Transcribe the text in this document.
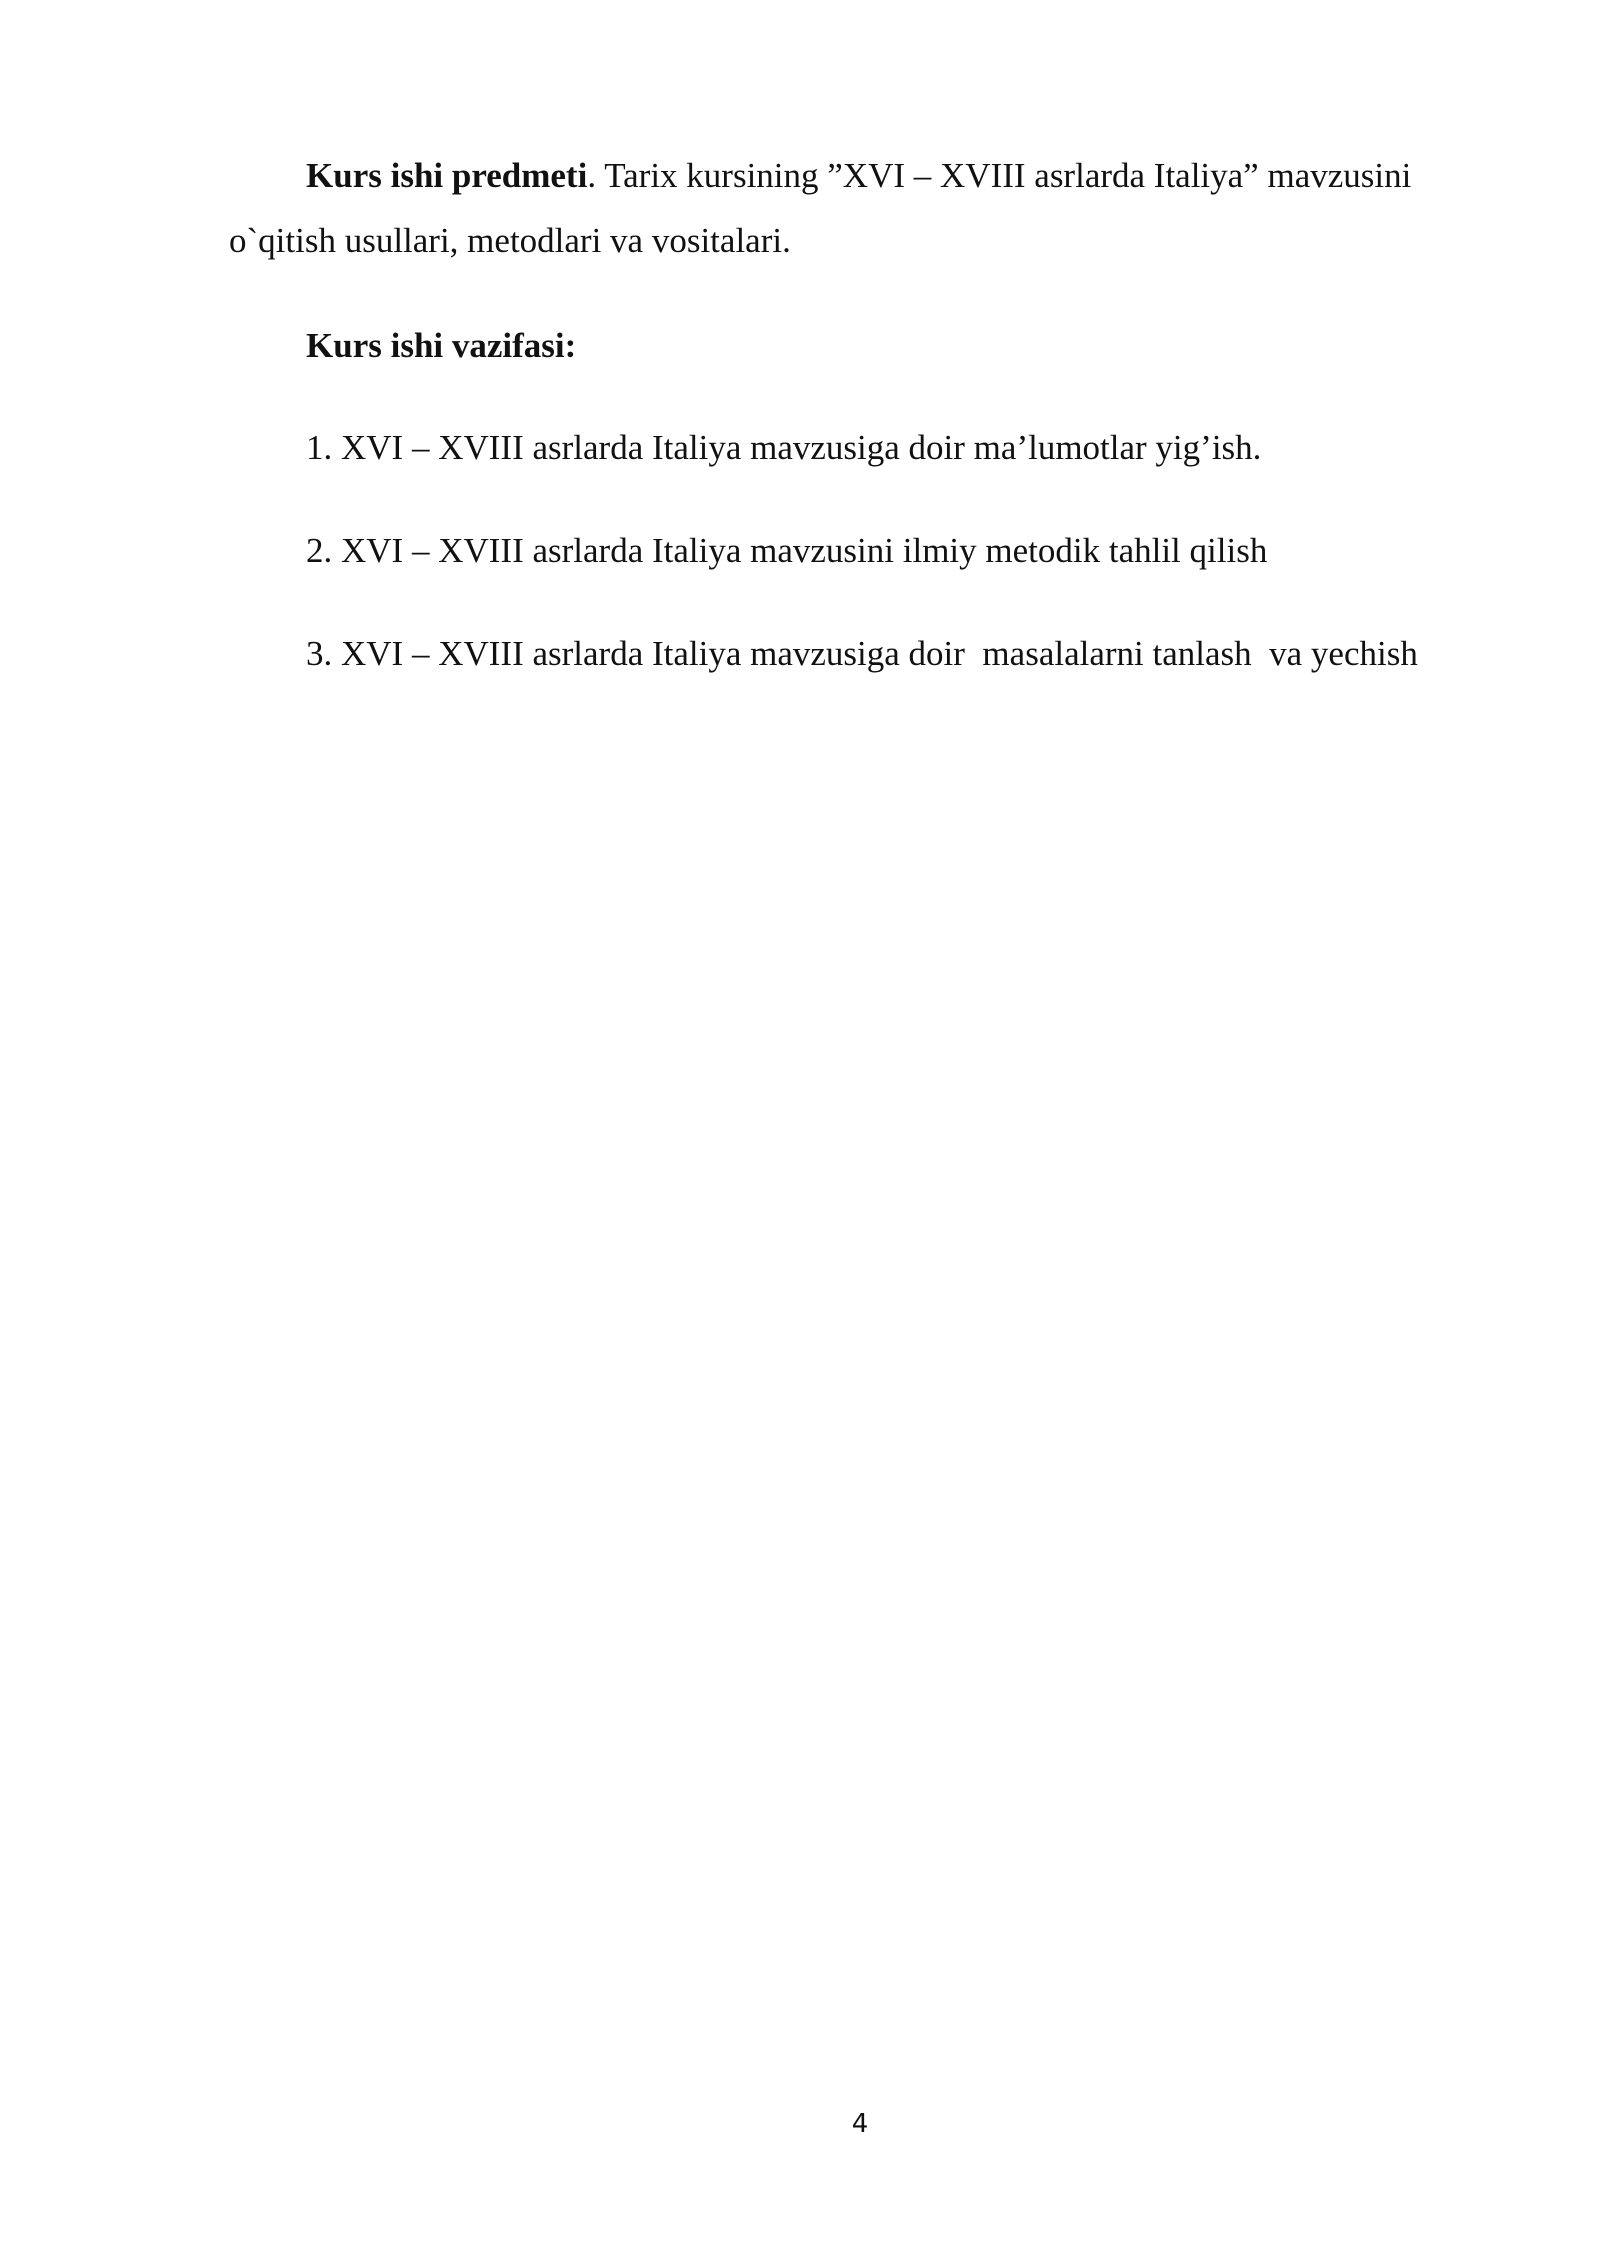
Kurs ishi predmeti. Tarix kursining ”XVI – XVIII asrlarda Italiya” mavzusini
o`qitish usullari, metodlari va vositalari.
Kurs ishi vazifasi:
1. XVI – XVIII asrlarda Italiya mavzusiga doir ma’lumotlar yig’ish.
2. XVI – XVIII asrlarda Italiya mavzusini ilmiy metodik tahlil qilish
3. XVI – XVIII asrlarda Italiya mavzusiga doir  masalalarni tanlash  va yechish
4
